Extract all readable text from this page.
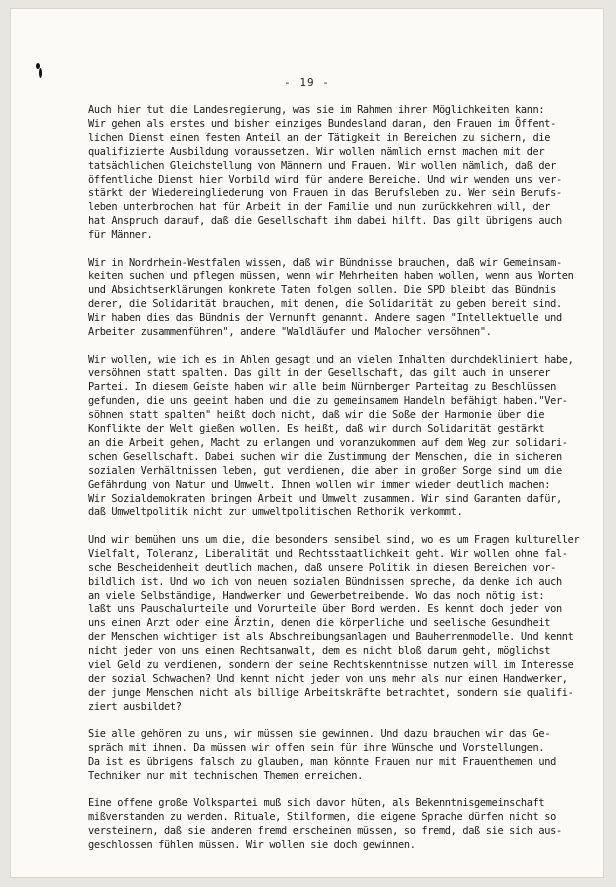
- 19 -

Auch hier tut die Landesregierung, was sie im Rahmen ihrer Möglichkeiten kann:
Wir gehen als erstes und bisher einziges Bundesland daran, den Frauen im Öffent-
lichen Dienst einen festen Anteil an der Tätigkeit in Bereichen zu sichern, die
qualifizierte Ausbildung voraussetzen. Wir wollen nämlich ernst machen mit der
tatsächlichen Gleichstellung von Männern und Frauen. Wir wollen nämlich, daß der
öffentliche Dienst hier Vorbild wird für andere Bereiche. Und wir wenden uns ver-
stärkt der Wiedereingliederung von Frauen in das Berufsleben zu. Wer sein Berufs-
leben unterbrochen hat für Arbeit in der Familie und nun zurückkehren will, der
hat Anspruch darauf, daß die Gesellschaft ihm dabei hilft. Das gilt übrigens auch
für Männer.

Wir in Nordrhein-Westfalen wissen, daß wir Bündnisse brauchen, daß wir Gemeinsam-
keiten suchen und pflegen müssen, wenn wir Mehrheiten haben wollen, wenn aus Worten
und Absichtserklärungen konkrete Taten folgen sollen. Die SPD bleibt das Bündnis
derer, die Solidarität brauchen, mit denen, die Solidarität zu geben bereit sind.
Wir haben dies das Bündnis der Vernunft genannt. Andere sagen "Intellektuelle und
Arbeiter zusammenführen", andere "Waldläufer und Malocher versöhnen".

Wir wollen, wie ich es in Ahlen gesagt und an vielen Inhalten durchdekliniert habe,
versöhnen statt spalten. Das gilt in der Gesellschaft, das gilt auch in unserer
Partei. In diesem Geiste haben wir alle beim Nürnberger Parteitag zu Beschlüssen
gefunden, die uns geeint haben und die zu gemeinsamem Handeln befähigt haben."Ver-
söhnen statt spalten" heißt doch nicht, daß wir die Soße der Harmonie über die
Konflikte der Welt gießen wollen. Es heißt, daß wir durch Solidarität gestärkt
an die Arbeit gehen, Macht zu erlangen und voranzukommen auf dem Weg zur solidari-
schen Gesellschaft. Dabei suchen wir die Zustimmung der Menschen, die in sicheren
sozialen Verhältnissen leben, gut verdienen, die aber in großer Sorge sind um die
Gefährdung von Natur und Umwelt. Ihnen wollen wir immer wieder deutlich machen:
Wir Sozialdemokraten bringen Arbeit und Umwelt zusammen. Wir sind Garanten dafür,
daß Umweltpolitik nicht zur umweltpolitischen Rethorik verkommt.

Und wir bemühen uns um die, die besonders sensibel sind, wo es um Fragen kultureller
Vielfalt, Toleranz, Liberalität und Rechtsstaatlichkeit geht. Wir wollen ohne fal-
sche Bescheidenheit deutlich machen, daß unsere Politik in diesen Bereichen vor-
bildlich ist. Und wo ich von neuen sozialen Bündnissen spreche, da denke ich auch
an viele Selbständige, Handwerker und Gewerbetreibende. Wo das noch nötig ist:
laßt uns Pauschalurteile und Vorurteile über Bord werden. Es kennt doch jeder von
uns einen Arzt oder eine Ärztin, denen die körperliche und seelische Gesundheit
der Menschen wichtiger ist als Abschreibungsanlagen und Bauherrenmodelle. Und kennt
nicht jeder von uns einen Rechtsanwalt, dem es nicht bloß darum geht, möglichst
viel Geld zu verdienen, sondern der seine Rechtskenntnisse nutzen will im Interesse
der sozial Schwachen? Und kennt nicht jeder von uns mehr als nur einen Handwerker,
der junge Menschen nicht als billige Arbeitskräfte betrachtet, sondern sie qualifi-
ziert ausbildet?

Sie alle gehören zu uns, wir müssen sie gewinnen. Und dazu brauchen wir das Ge-
spräch mit ihnen. Da müssen wir offen sein für ihre Wünsche und Vorstellungen.
Da ist es übrigens falsch zu glauben, man könnte Frauen nur mit Frauenthemen und
Techniker nur mit technischen Themen erreichen.

Eine offene große Volkspartei muß sich davor hüten, als Bekenntnisgemeinschaft
mißverstanden zu werden. Rituale, Stilformen, die eigene Sprache dürfen nicht so
versteinern, daß sie anderen fremd erscheinen müssen, so fremd, daß sie sich aus-
geschlossen fühlen müssen. Wir wollen sie doch gewinnen.
